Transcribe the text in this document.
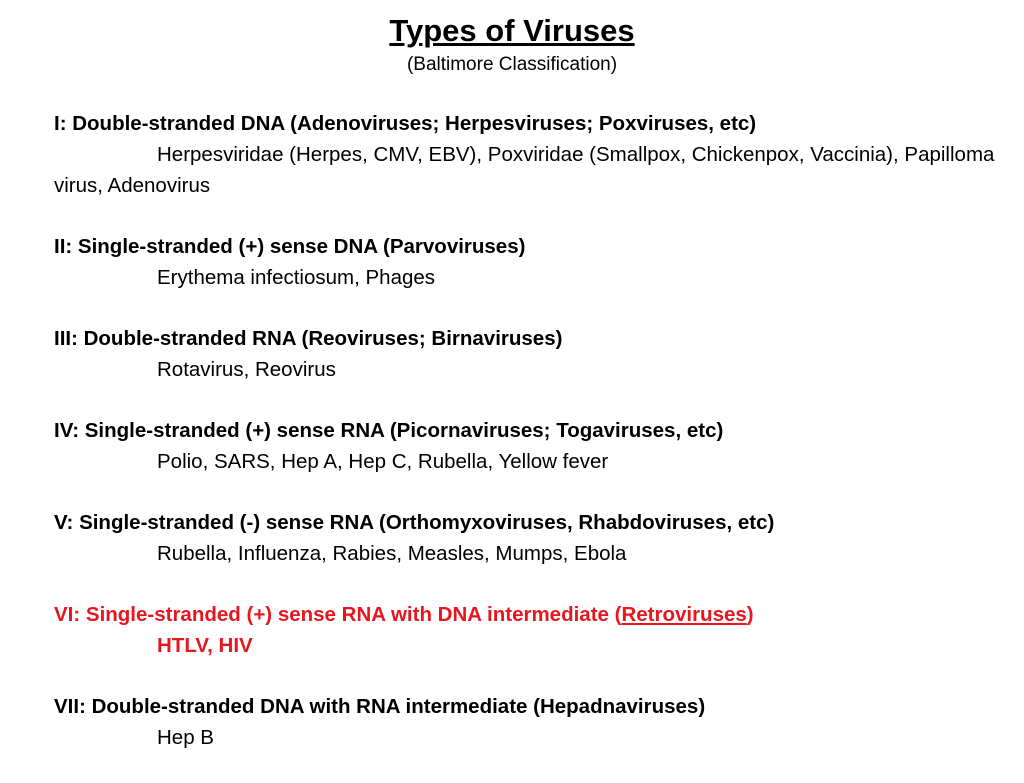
Types of Viruses
(Baltimore Classification)
I: Double-stranded DNA (Adenoviruses; Herpesviruses; Poxviruses, etc)
Herpesviridae (Herpes, CMV, EBV), Poxviridae (Smallpox, Chickenpox, Vaccinia), Papilloma virus, Adenovirus
II: Single-stranded (+) sense DNA (Parvoviruses)
Erythema infectiosum, Phages
III: Double-stranded RNA (Reoviruses; Birnaviruses)
Rotavirus, Reovirus
IV: Single-stranded (+) sense RNA (Picornaviruses; Togaviruses, etc)
Polio, SARS, Hep A, Hep C, Rubella, Yellow fever
V: Single-stranded (-) sense RNA (Orthomyxoviruses, Rhabdoviruses, etc)
Rubella, Influenza, Rabies, Measles, Mumps, Ebola
VI: Single-stranded (+) sense RNA with DNA intermediate (Retroviruses)
HTLV, HIV
VII: Double-stranded DNA with RNA intermediate (Hepadnaviruses)
Hep B
